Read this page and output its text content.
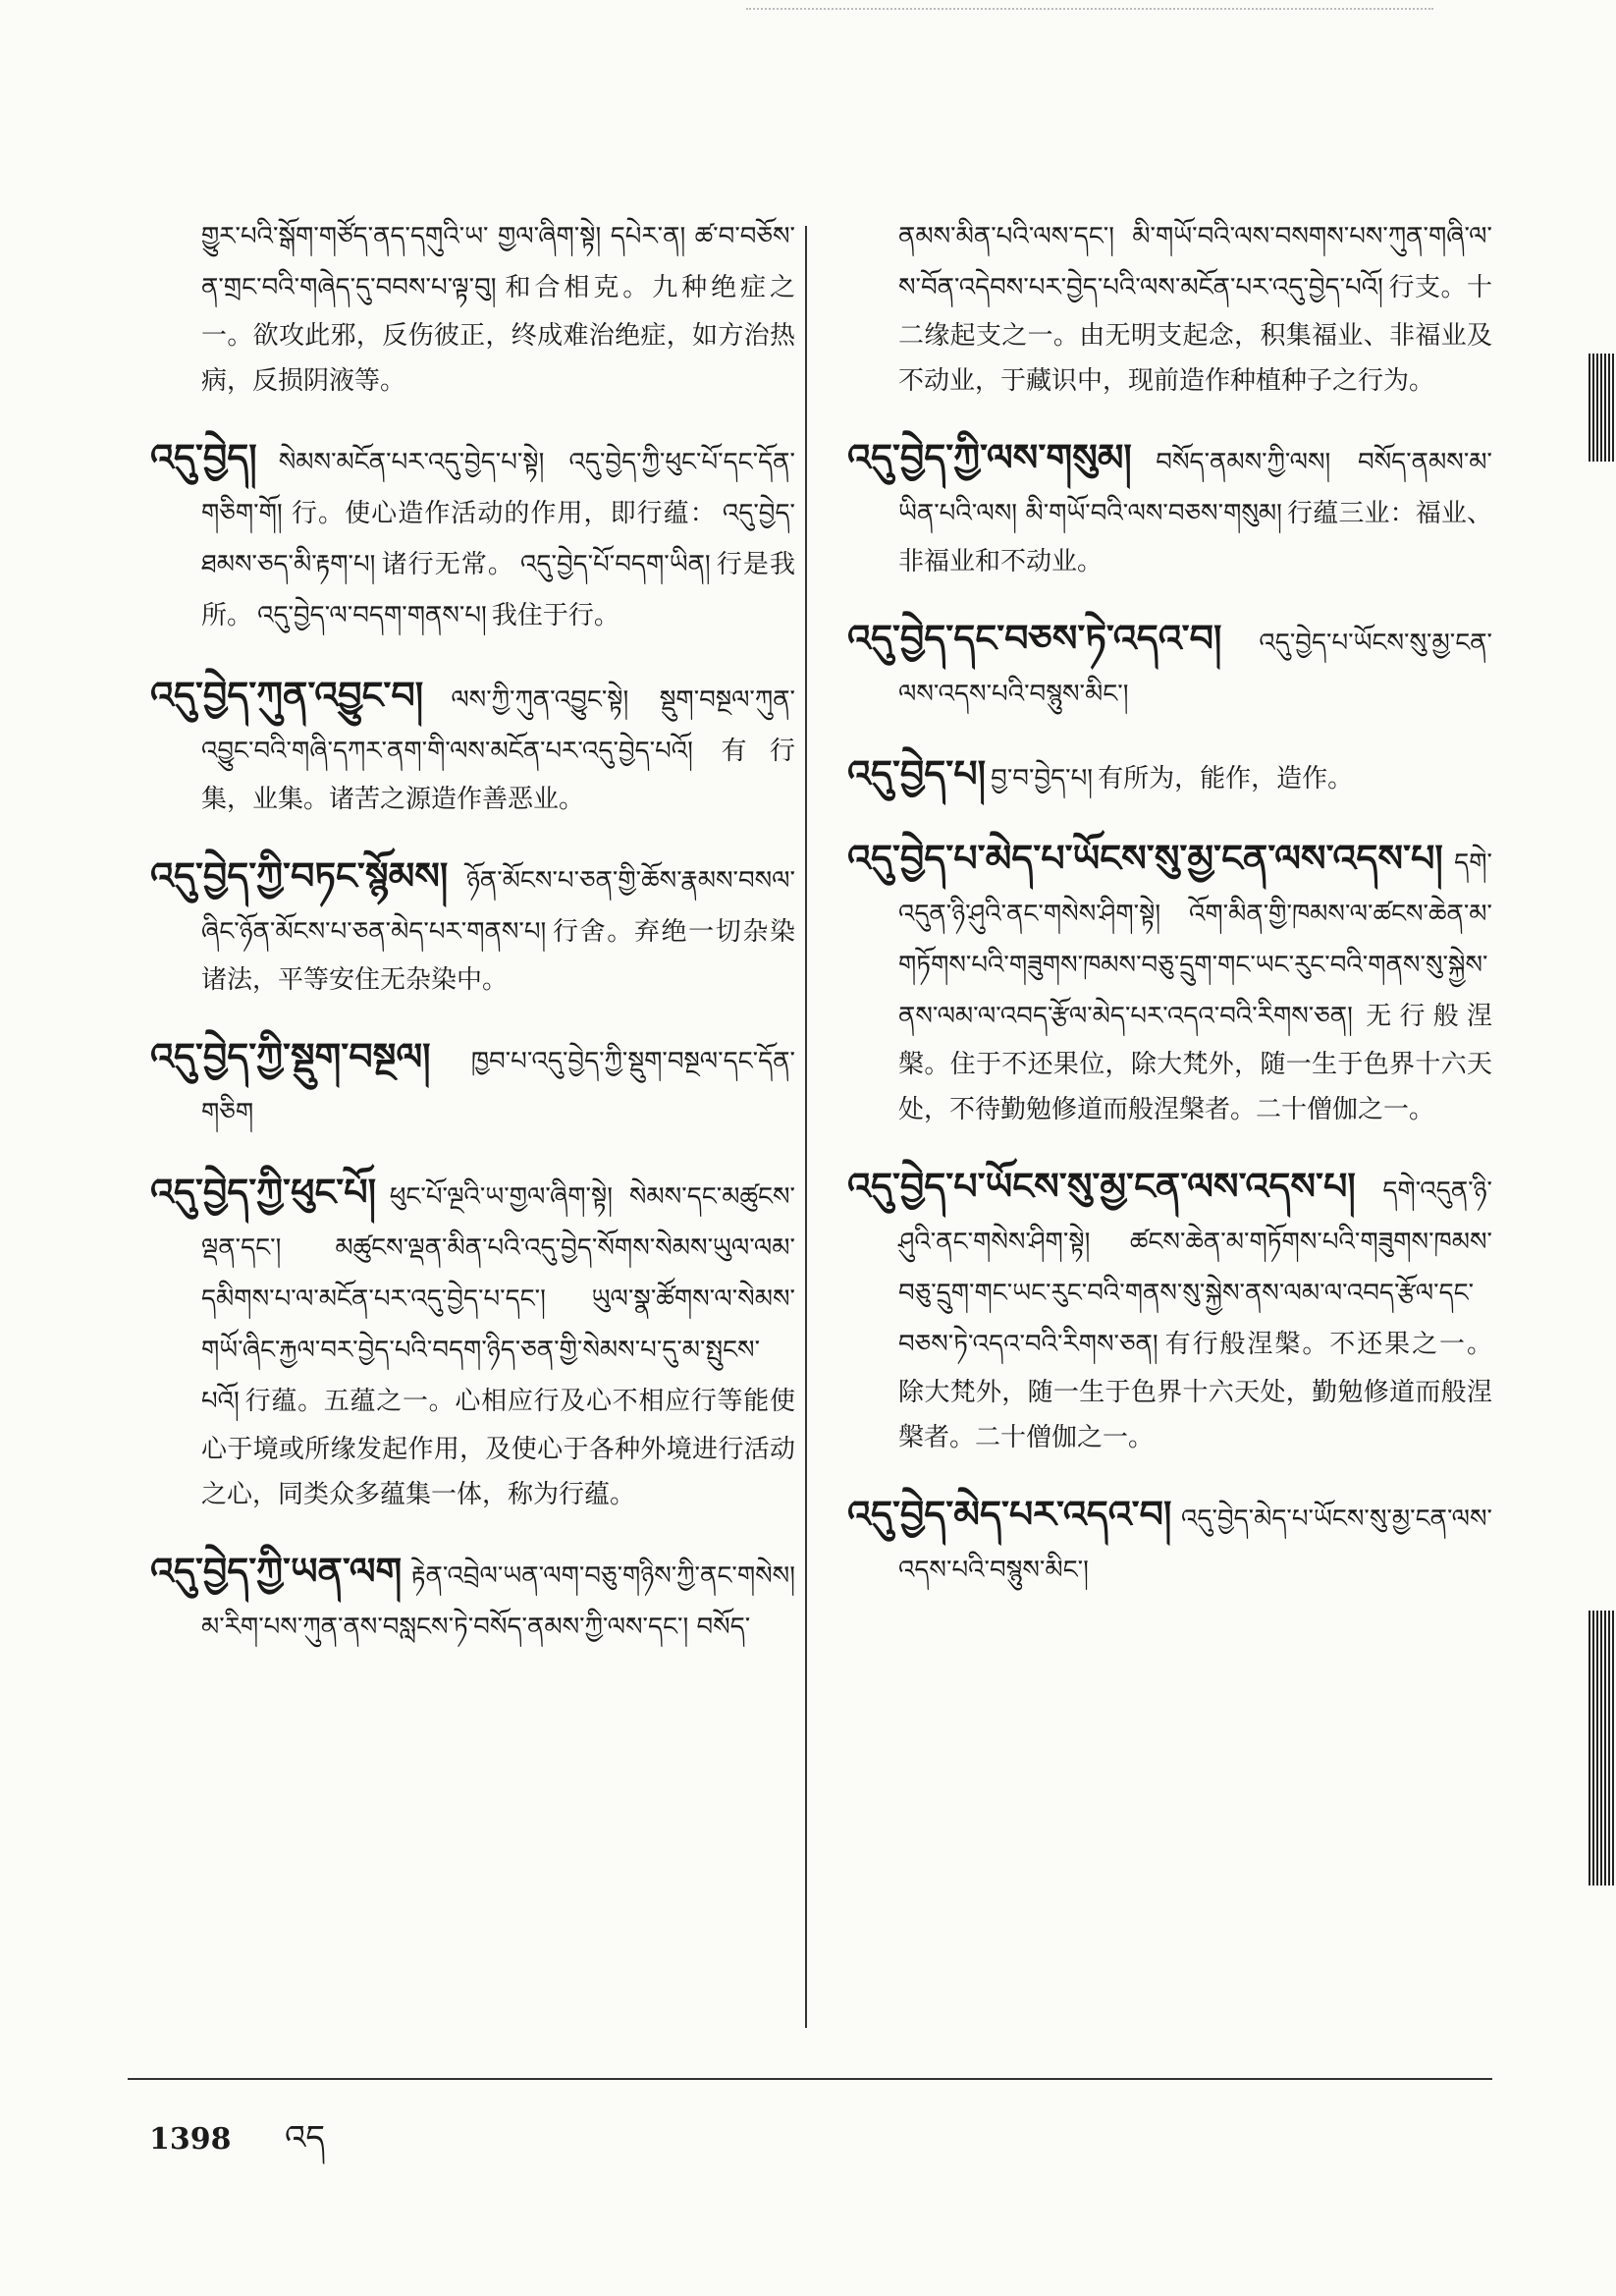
གྱུར་པའི་སྒོག་གཙོད་ནད་དགུའི་ཡ་ གྱལ་ཞིག་སྟེ། དཔེར་ན། ཚ་བ་བཅོས་ན་གྲང་བའི་གཞེད་དུ་བབས་པ་ལྟ་བུ། 和合相克。九种绝症之一。欲攻此邪，反伤彼正，终成难治绝症，如方治热病，反损阴液等。

འདུ་བྱེད། སེམས་མངོན་པར་འདུ་བྱེད་པ་སྟེ། འདུ་བྱེད་ཀྱི་ཕུང་པོ་དང་དོན་གཅིག་གོ། 行。使心造作活动的作用，即行蕴： འདུ་བྱེད་ཐམས་ཅད་མི་རྟག་པ། 诸行无常。 འདུ་བྱེད་པོ་བདག་ཡིན། 行是我所。 འདུ་བྱེད་ལ་བདག་གནས་པ། 我住于行。

འདུ་བྱེད་ཀུན་འབྱུང་བ། ལས་ཀྱི་ཀུན་འབྱུང་སྟེ། སྡུག་བསྔལ་ཀུན་འབྱུང་བའི་གཞི་དཀར་ནག་གི་ལས་མངོན་པར་འདུ་བྱེད་པའོ། 有行集，业集。诸苦之源造作善恶业。

འདུ་བྱེད་ཀྱི་བཏང་སྙོམས། ཉོན་མོངས་པ་ཅན་གྱི་ཆོས་རྣམས་བསལ་ཞིང་ཉོན་མོངས་པ་ཅན་མེད་པར་གནས་པ། 行舍。弃绝一切杂染诸法，平等安住无杂染中。

འདུ་བྱེད་ཀྱི་སྡུག་བསྔལ། ཁྱབ་པ་འདུ་བྱེད་ཀྱི་སྡུག་བསྔལ་དང་དོན་གཅིག

འདུ་བྱེད་ཀྱི་ཕུང་པོ། ཕུང་པོ་ལྔའི་ཡ་གྱལ་ཞིག་སྟེ། སེམས་དང་མཚུངས་ལྡན་དང་། མཚུངས་ལྡན་མིན་པའི་འདུ་བྱེད་སོགས་སེམས་ཡུལ་ལམ་དམིགས་པ་ལ་མངོན་པར་འདུ་བྱེད་པ་དང་། ཡུལ་སྣ་ཚོགས་ལ་སེམས་གཡོ་ཞིང་རྐྱལ་བར་བྱེད་པའི་བདག་ཉིད་ཅན་གྱི་སེམས་པ་དུ་མ་སྤུངས་པའོ། 行蕴。五蕴之一。心相应行及心不相应行等能使心于境或所缘发起作用，及使心于各种外境进行活动之心，同类众多蕴集一体，称为行蕴。

འདུ་བྱེད་ཀྱི་ཡན་ལག རྟེན་འབྲེལ་ཡན་ལག་བཅུ་གཉིས་ཀྱི་ནང་གསེས། མ་རིག་པས་ཀུན་ནས་བསླངས་ཏེ་བསོད་ནམས་ཀྱི་ལས་དང་། བསོད་

ནམས་མིན་པའི་ལས་དང་། མི་གཡོ་བའི་ལས་བསགས་པས་ཀུན་གཞི་ལ་ས་བོན་འདེབས་པར་བྱེད་པའི་ལས་མངོན་པར་འདུ་བྱེད་པའོ། 行支。十二缘起支之一。由无明支起念，积集福业、非福业及不动业，于藏识中，现前造作种植种子之行为。

འདུ་བྱེད་ཀྱི་ལས་གསུམ། བསོད་ནམས་ཀྱི་ལས། བསོད་ནམས་མ་ཡིན་པའི་ལས། མི་གཡོ་བའི་ལས་བཅས་གསུམ། 行蕴三业：福业、非福业和不动业。

འདུ་བྱེད་དང་བཅས་ཏེ་འདའ་བ། འདུ་བྱེད་པ་ཡོངས་སུ་མྱ་ངན་ལས་འདས་པའི་བསྙུས་མིང་།

འདུ་བྱེད་པ། བྱ་བ་བྱེད་པ། 有所为，能作，造作。

འདུ་བྱེད་པ་མེད་པ་ཡོངས་སུ་མྱ་ངན་ལས་འདས་པ། དགེ་འདུན་ཉི་ཤུའི་ནང་གསེས་ཤིག་སྟེ། འོག་མིན་གྱི་ཁམས་ལ་ཚངས་ཆེན་མ་གཏོགས་པའི་གཟུགས་ཁམས་བཅུ་དྲུག་གང་ཡང་རུང་བའི་གནས་སུ་སྐྱེས་ནས་ལམ་ལ་འབད་རྩོལ་མེད་པར་འདའ་བའི་རིགས་ཅན། 无行般涅槃。住于不还果位，除大梵外，随一生于色界十六天处，不待勤勉修道而般涅槃者。二十僧伽之一。

འདུ་བྱེད་པ་ཡོངས་སུ་མྱ་ངན་ལས་འདས་པ། དགེ་འདུན་ཉི་ཤུའི་ནང་གསེས་ཤིག་སྟེ། ཚངས་ཆེན་མ་གཏོགས་པའི་གཟུགས་ཁམས་བཅུ་དྲུག་གང་ཡང་རུང་བའི་གནས་སུ་སྐྱེས་ནས་ལམ་ལ་འབད་རྩོལ་དང་བཅས་ཏེ་འདའ་བའི་རིགས་ཅན། 有行般涅槃。不还果之一。除大梵外，随一生于色界十六天处，勤勉修道而般涅槃者。二十僧伽之一。

འདུ་བྱེད་མེད་པར་འདའ་བ། འདུ་བྱེད་མེད་པ་ཡོངས་སུ་མྱ་ངན་ལས་འདས་པའི་བསྙུས་མིང་།

1398 འད
